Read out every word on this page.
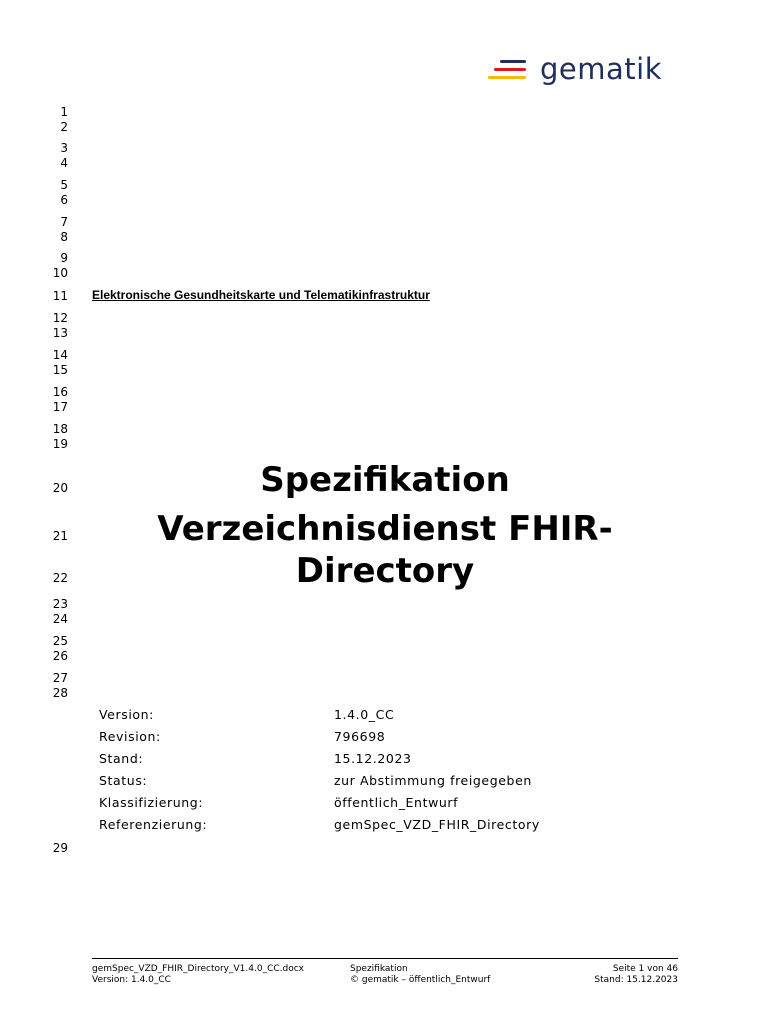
gematik
1
2
3
4
5
6
7
8
9
10
11
12
13
14
15
16
17
18
19
20
21
22
23
24
25
26
27
28
29
Elektronische Gesundheitskarte und Telematikinfrastruktur
Spezifikation
Verzeichnisdienst FHIR-
Directory
Version:	1.4.0_CC
Revision:	796698
Stand:	15.12.2023
Status:	zur Abstimmung freigegeben
Klassifizierung:	öffentlich_Entwurf
Referenzierung:	gemSpec_VZD_FHIR_Directory
gemSpec_VZD_FHIR_Directory_V1.4.0_CC.docx
Version: 1.4.0_CC
Spezifikation
© gematik – öffentlich_Entwurf
Seite 1 von 46
Stand: 15.12.2023
